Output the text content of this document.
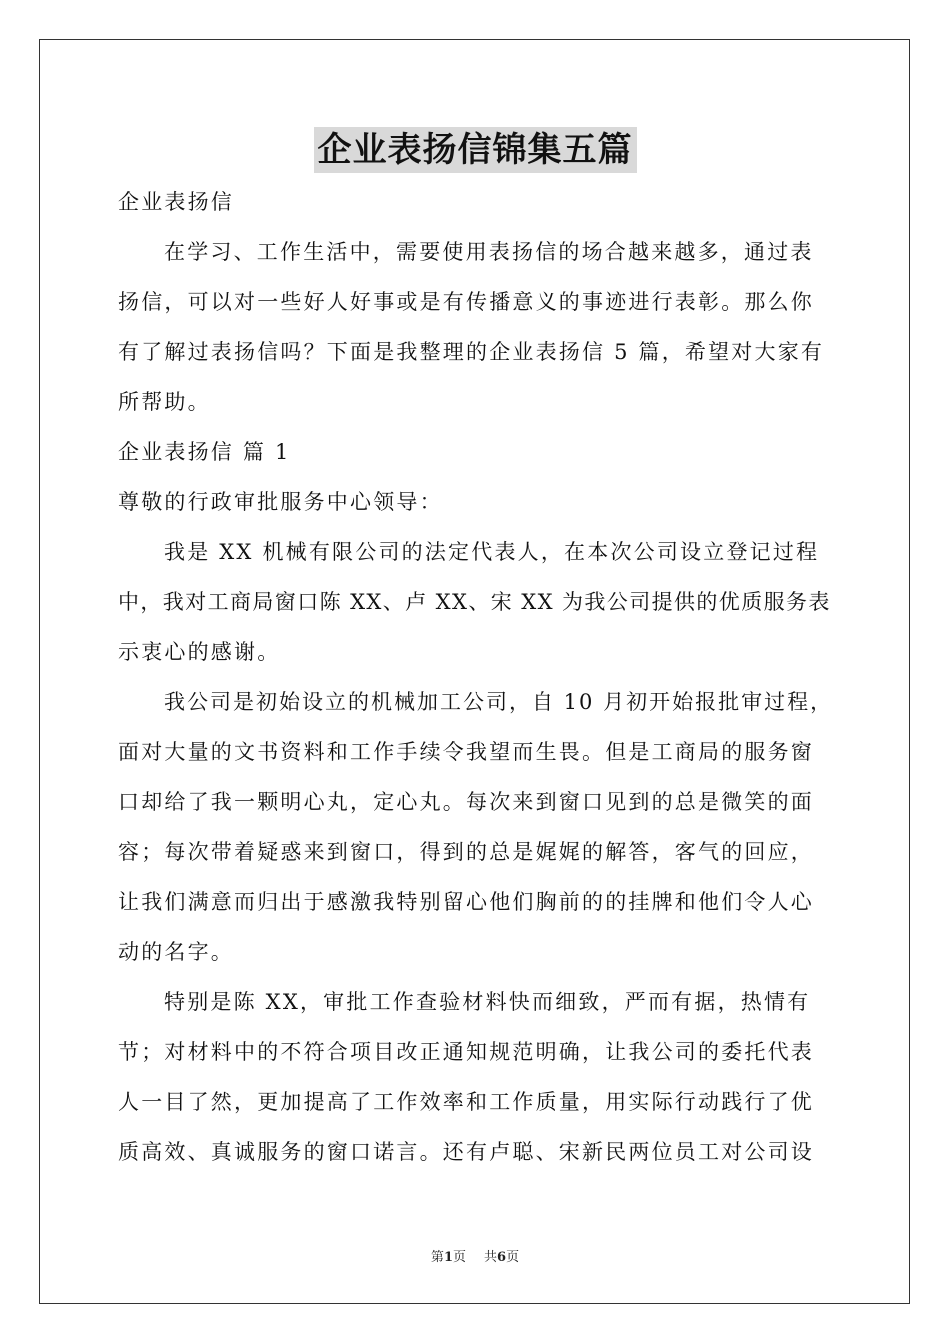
企业表扬信锦集五篇

企业表扬信

在学习、工作生活中，需要使用表扬信的场合越来越多，通过表

扬信，可以对一些好人好事或是有传播意义的事迹进行表彰。那么你

有了解过表扬信吗？下面是我整理的企业表扬信 5 篇，希望对大家有

所帮助。

企业表扬信 篇 1

尊敬的行政审批服务中心领导：

我是 XX 机械有限公司的法定代表人，在本次公司设立登记过程

中，我对工商局窗口陈 XX、卢 XX、宋 XX 为我公司提供的优质服务表

示衷心的感谢。

我公司是初始设立的机械加工公司，自 10 月初开始报批审过程，

面对大量的文书资料和工作手续令我望而生畏。但是工商局的服务窗

口却给了我一颗明心丸，定心丸。每次来到窗口见到的总是微笑的面

容；每次带着疑惑来到窗口，得到的总是娓娓的解答，客气的回应，

让我们满意而归出于感激我特别留心他们胸前的的挂牌和他们令人心

动的名字。

特别是陈 XX，审批工作查验材料快而细致，严而有据，热情有

节；对材料中的不符合项目改正通知规范明确，让我公司的委托代表

人一目了然，更加提高了工作效率和工作质量，用实际行动践行了优

质高效、真诚服务的窗口诺言。还有卢聪、宋新民两位员工对公司设

第1页 共6页
